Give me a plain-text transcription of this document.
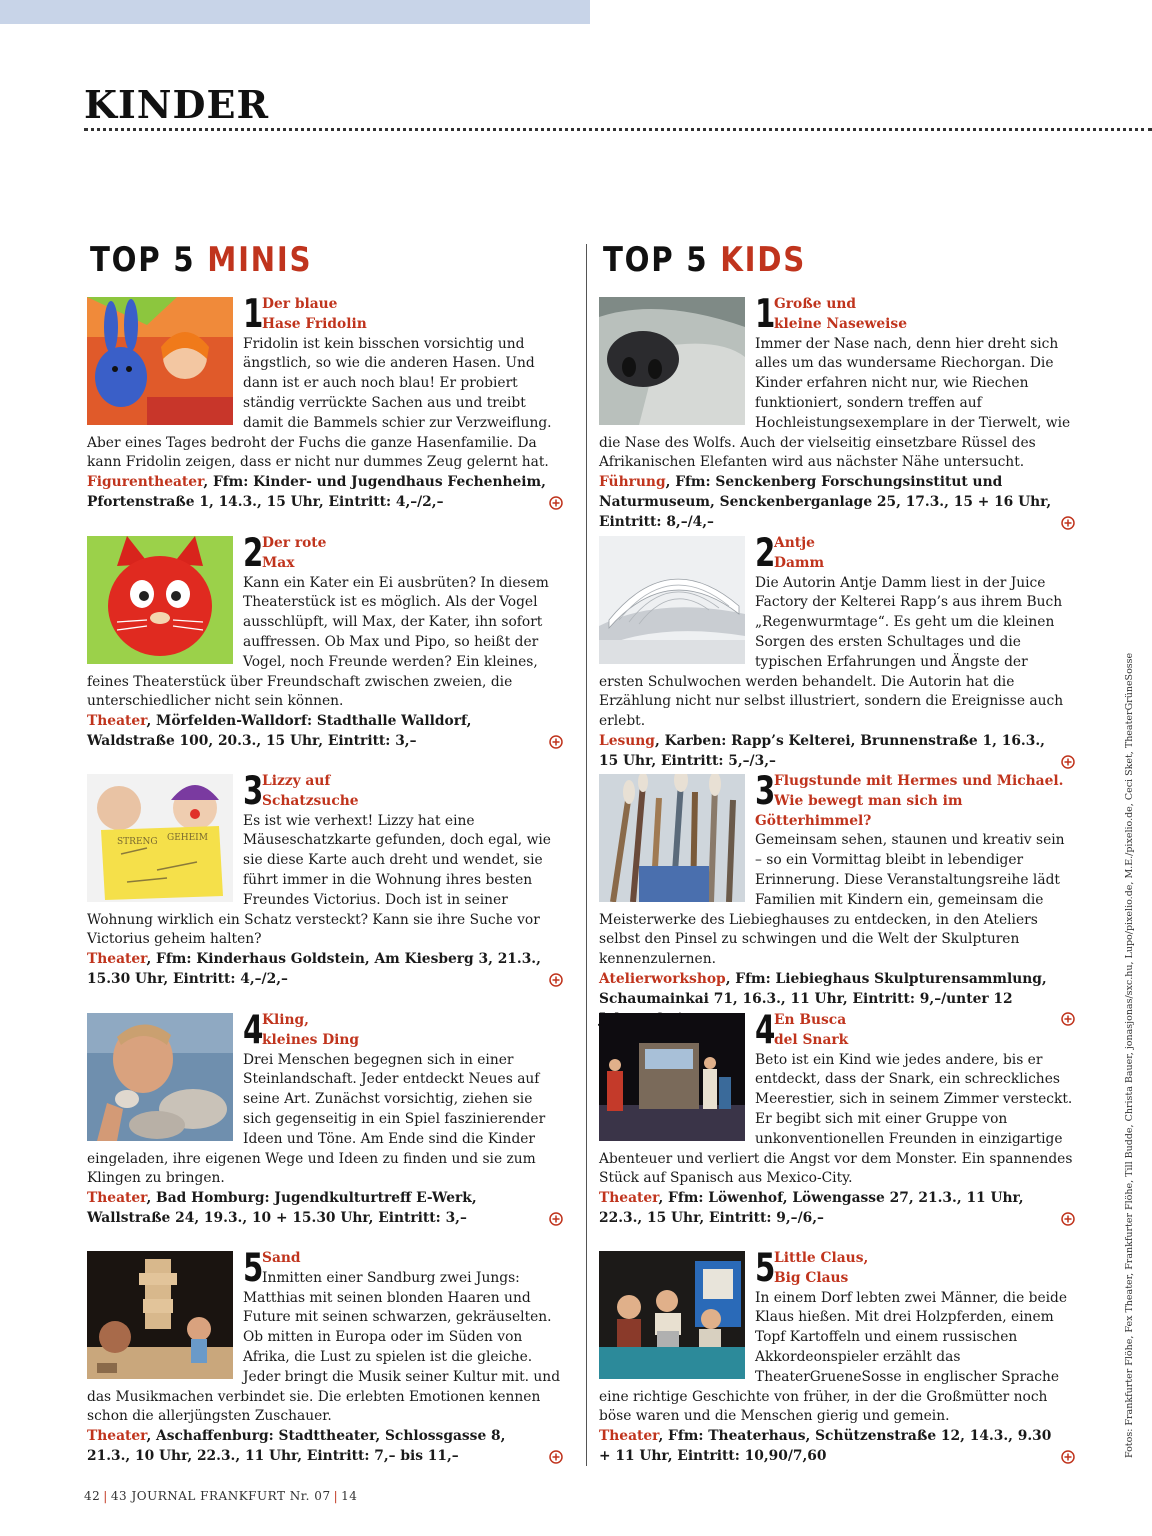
KINDER
TOP 5 MINIS	TOP 5 KIDS
1
Der blaue
Hase Fridolin

Fridolin ist kein bisschen vorsichtig und ängstlich, so wie die anderen Hasen. Und dann ist er auch noch blau! Er probiert ständig verrückte Sachen aus und treibt damit die Bammels schier zur Verzweiflung. Aber eines Tages bedroht der Fuchs die ganze Hasenfamilie. Da kann Fridolin zeigen, dass er nicht nur dummes Zeug gelernt hat.

Figurentheater, Ffm: Kinder- und Jugendhaus Fechenheim, Pfortenstraße 1, 14.3., 15 Uhr, Eintritt: 4,–/2,–

2
Der rote
Max

Kann ein Kater ein Ei ausbrüten? In diesem Theaterstück ist es möglich. Als der Vogel ausschlüpft, will Max, der Kater, ihn sofort auffressen. Ob Max und Pipo, so heißt der Vogel, noch Freunde werden? Ein kleines, feines Theaterstück über Freundschaft zwischen zweien, die unterschiedlicher nicht sein können.

Theater, Mörfelden-Walldorf: Stadthalle Walldorf, Waldstraße 100, 20.3., 15 Uhr, Eintritt: 3,–

STRENG GEHEIM
3
Lizzy auf
Schatzsuche

Es ist wie verhext! Lizzy hat eine Mäuseschatzkarte gefunden, doch egal, wie sie diese Karte auch dreht und wendet, sie führt immer in die Wohnung ihres besten Freundes Victorius. Doch ist in seiner Wohnung wirklich ein Schatz versteckt? Kann sie ihre Suche vor Victorius geheim halten?

Theater, Ffm: Kinderhaus Goldstein, Am Kiesberg 3, 21.3., 15.30 Uhr, Eintritt: 4,–/2,–

4
Kling,
kleines Ding

Drei Menschen begegnen sich in einer Steinlandschaft. Jeder entdeckt Neues auf seine Art. Zunächst vorsichtig, ziehen sie sich gegenseitig in ein Spiel faszinierender Ideen und Töne. Am Ende sind die Kinder eingeladen, ihre eigenen Wege und Ideen zu finden und sie zum Klingen zu bringen.

Theater, Bad Homburg: Jugendkulturtreff E-Werk, Wallstraße 24, 19.3., 10 + 15.30 Uhr, Eintritt: 3,–

5
Sand

Inmitten einer Sandburg zwei Jungs: Matthias mit seinen blonden Haaren und Future mit seinen schwarzen, gekräuselten. Ob mitten in Europa oder im Süden von Afrika, die Lust zu spielen ist die gleiche. Jeder bringt die Musik seiner Kultur mit. und das Musikmachen verbindet sie. Die erlebten Emotionen kennen schon die allerjüngsten Zuschauer.

Theater, Aschaffenburg: Stadttheater, Schlossgasse 8, 21.3., 10 Uhr, 22.3., 11 Uhr, Eintritt: 7,– bis 11,–

1
Große und
kleine Naseweise

Immer der Nase nach, denn hier dreht sich alles um das wundersame Riechorgan. Die Kinder erfahren nicht nur, wie Riechen funktioniert, sondern treffen auf Hochleistungsexemplare in der Tierwelt, wie die Nase des Wolfs. Auch der vielseitig einsetzbare Rüssel des Afrikanischen Elefanten wird aus nächster Nähe untersucht.

Führung, Ffm: Senckenberg Forschungsinstitut und Naturmuseum, Senckenberganlage 25, 17.3., 15 + 16 Uhr, Eintritt: 8,–/4,–

2
Antje
Damm

Die Autorin Antje Damm liest in der Juice Factory der Kelterei Rapp’s aus ihrem Buch „Regenwurmtage“. Es geht um die kleinen Sorgen des ersten Schultages und die typischen Erfahrungen und Ängste der ersten Schulwochen werden behandelt. Die Autorin hat die Erzählung nicht nur selbst illustriert, sondern die Ereignisse auch erlebt.

Lesung, Karben: Rapp’s Kelterei, Brunnenstraße 1, 16.3., 15 Uhr, Eintritt: 5,–/3,–

3
Flugstunde mit Hermes und Michael.
Wie bewegt man sich im Götterhimmel?

Gemeinsam sehen, staunen und kreativ sein – so ein Vormittag bleibt in lebendiger Erinnerung. Diese Veranstaltungsreihe lädt Familien mit Kindern ein, gemeinsam die Meisterwerke des Liebieghauses zu entdecken, in den Ateliers selbst den Pinsel zu schwingen und die Welt der Skulpturen kennenzulernen.

Atelierworkshop, Ffm: Liebieghaus Skulpturensammlung, Schaumainkai 71, 16.3., 11 Uhr, Eintritt: 9,–/unter 12

4
En Busca
del Snark

Beto ist ein Kind wie jedes andere, bis er entdeckt, dass der Snark, ein schreckliches Meerestier, sich in seinem Zimmer versteckt. Er begibt sich mit einer Gruppe von unkonventionellen Freunden in einzigartige Abenteuer und verliert die Angst vor dem Monster. Ein spannendes Stück auf Spanisch aus Mexico-City.

Theater, Ffm: Löwenhof, Löwengasse 27, 21.3., 11 Uhr, 22.3., 15 Uhr, Eintritt: 9,–/6,–

5
Little Claus,
Big Claus

In einem Dorf lebten zwei Männer, die beide Klaus hießen. Mit drei Holzpferden, einem Topf Kartoffeln und einem russischen Akkordeonspieler erzählt das TheaterGrueneSosse in englischer Sprache eine richtige Geschichte von früher, in der die Großmütter noch böse waren und die Menschen gierig und gemein.

Theater, Ffm: Theaterhaus, Schützenstraße 12, 14.3., 9.30 + 11 Uhr, Eintritt: 10,90/7,60

42 | 43 JOURNAL FRANKFURT Nr. 07 | 14
Fotos: Frankfurter Flöhe, Fex Theater, Frankfurter Flöhe, Till Budde, Christa Bauer, jonasjonas/sxc.hu, Lupo/pixelio.de, M.E./pixelio.de, Ceci Sket, TheaterGrüneSosse
